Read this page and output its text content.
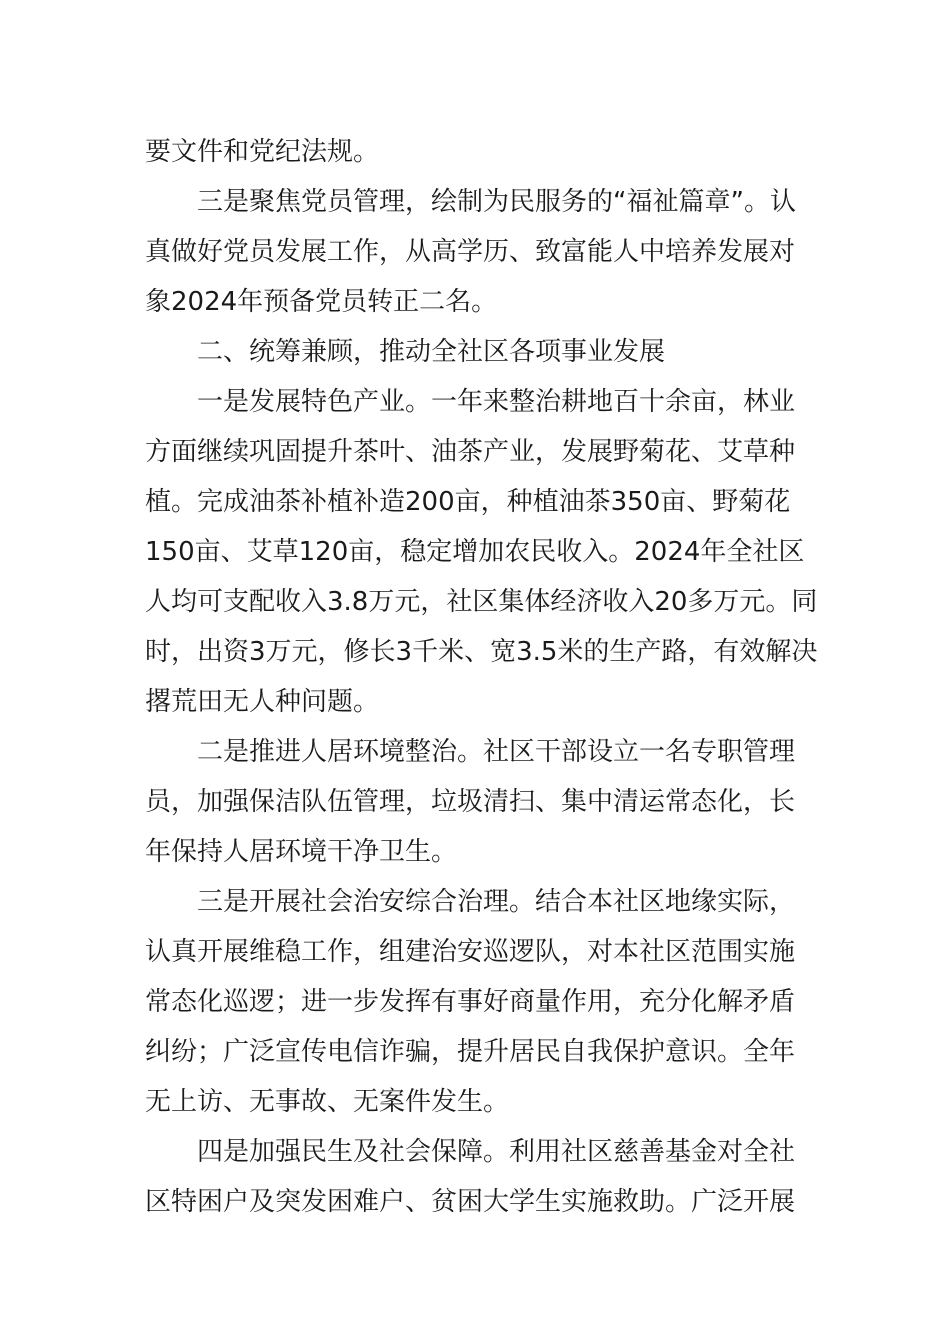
要文件和党纪法规。

三是聚焦党员管理，绘制为民服务的“福祉篇章”。认真做好党员发展工作，从高学历、致富能人中培养发展对象2024年预备党员转正二名。

二、统筹兼顾，推动全社区各项事业发展

一是发展特色产业。一年来整治耕地百十余亩，林业方面继续巩固提升茶叶、油茶产业，发展野菊花、艾草种植。完成油茶补植补造200亩，种植油茶350亩、野菊花150亩、艾草120亩，稳定增加农民收入。2024年全社区人均可支配收入3.8万元，社区集体经济收入20多万元。同时，出资3万元，修长3千米、宽3.5米的生产路，有效解决撂荒田无人种问题。

二是推进人居环境整治。社区干部设立一名专职管理员，加强保洁队伍管理，垃圾清扫、集中清运常态化，长年保持人居环境干净卫生。

三是开展社会治安综合治理。结合本社区地缘实际，认真开展维稳工作，组建治安巡逻队，对本社区范围实施常态化巡逻；进一步发挥有事好商量作用，充分化解矛盾纠纷；广泛宣传电信诈骗，提升居民自我保护意识。全年无上访、无事故、无案件发生。

四是加强民生及社会保障。利用社区慈善基金对全社区特困户及突发困难户、贫困大学生实施救助。广泛开展
